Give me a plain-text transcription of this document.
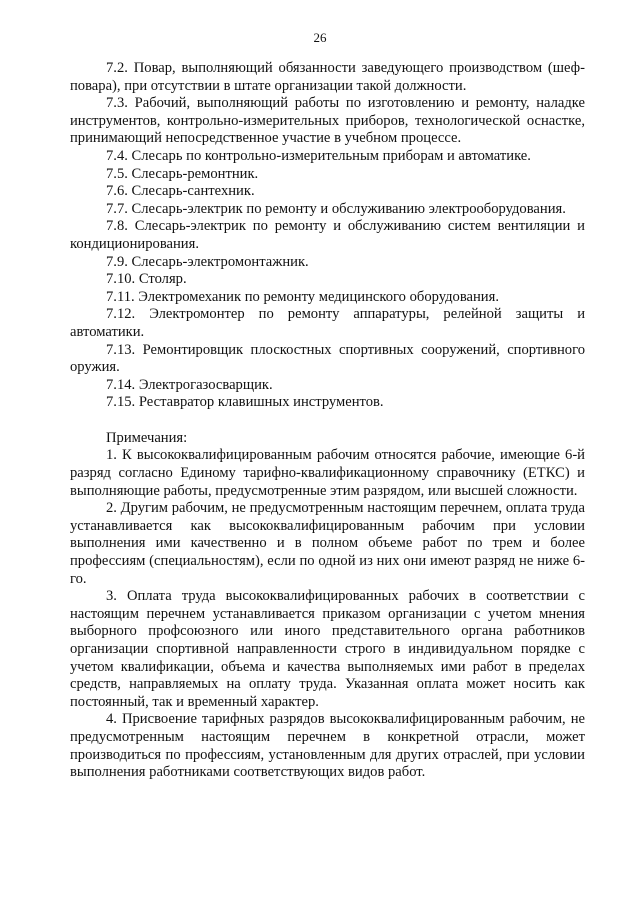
26

7.2. Повар, выполняющий обязанности заведующего производством (шеф-повара), при отсутствии в штате организации такой должности.

7.3. Рабочий, выполняющий работы по изготовлению и ремонту, наладке инструментов, контрольно-измерительных приборов, технологической оснастке, принимающий непосредственное участие в учебном процессе.

7.4. Слесарь по контрольно-измерительным приборам и автоматике.

7.5. Слесарь-ремонтник.

7.6. Слесарь-сантехник.

7.7. Слесарь-электрик по ремонту и обслуживанию электрооборудования.

7.8. Слесарь-электрик по ремонту и обслуживанию систем вентиляции и кондиционирования.

7.9. Слесарь-электромонтажник.

7.10. Столяр.

7.11. Электромеханик по ремонту медицинского оборудования.

7.12. Электромонтер по ремонту аппаратуры, релейной защиты и автоматики.

7.13. Ремонтировщик плоскостных спортивных сооружений, спортивного оружия.

7.14. Электрогазосварщик.

7.15. Реставратор клавишных инструментов.

Примечания:

1. К высококвалифицированным рабочим относятся рабочие, имеющие 6-й разряд согласно Единому тарифно-квалификационному справочнику (ЕТКС) и выполняющие работы, предусмотренные этим разрядом, или высшей сложности.

2. Другим рабочим, не предусмотренным настоящим перечнем, оплата труда устанавливается как высококвалифицированным рабочим при условии выполнения ими качественно и в полном объеме работ по трем и более профессиям (специальностям), если по одной из них они имеют разряд не ниже 6-го.

3. Оплата труда высококвалифицированных рабочих в соответствии с настоящим перечнем устанавливается приказом организации с учетом мнения выборного профсоюзного или иного представительного органа работников организации спортивной направленности строго в индивидуальном порядке с учетом квалификации, объема и качества выполняемых ими работ в пределах средств, направляемых на оплату труда. Указанная оплата может носить как постоянный, так и временный характер.

4. Присвоение тарифных разрядов высококвалифицированным рабочим, не предусмотренным настоящим перечнем в конкретной отрасли, может производиться по профессиям, установленным для других отраслей, при условии выполнения работниками соответствующих видов работ.
